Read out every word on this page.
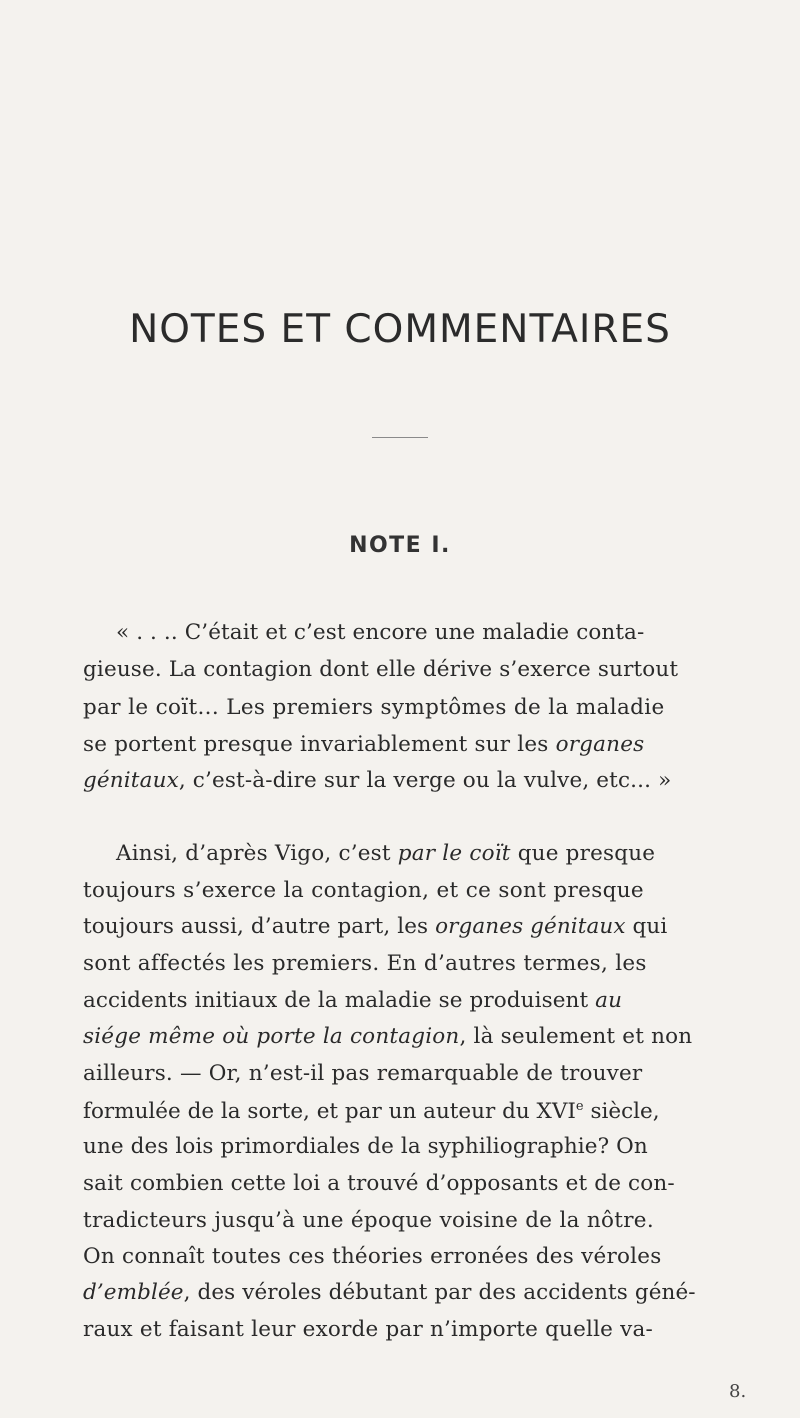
NOTES ET COMMENTAIRES
NOTE I.
« . . .. C’était et c’est encore une maladie conta-
gieuse. La contagion dont elle dérive s’exerce surtout
par le coït... Les premiers symptômes de la maladie
se portent presque invariablement sur les organes
génitaux, c’est-à-dire sur la verge ou la vulve, etc... »
Ainsi, d’après Vigo, c’est par le coït que presque
toujours s’exerce la contagion, et ce sont presque
toujours aussi, d’autre part, les organes génitaux qui
sont affectés les premiers. En d’autres termes, les
accidents initiaux de la maladie se produisent au
siége même où porte la contagion, là seulement et non
ailleurs. — Or, n’est-il pas remarquable de trouver
formulée de la sorte, et par un auteur du XVIe siècle,
une des lois primordiales de la syphiliographie? On
sait combien cette loi a trouvé d’opposants et de con-
tradicteurs jusqu’à une époque voisine de la nôtre.
On connaît toutes ces théories erronées des véroles
d’emblée, des véroles débutant par des accidents géné-
raux et faisant leur exorde par n’importe quelle va-

8.
